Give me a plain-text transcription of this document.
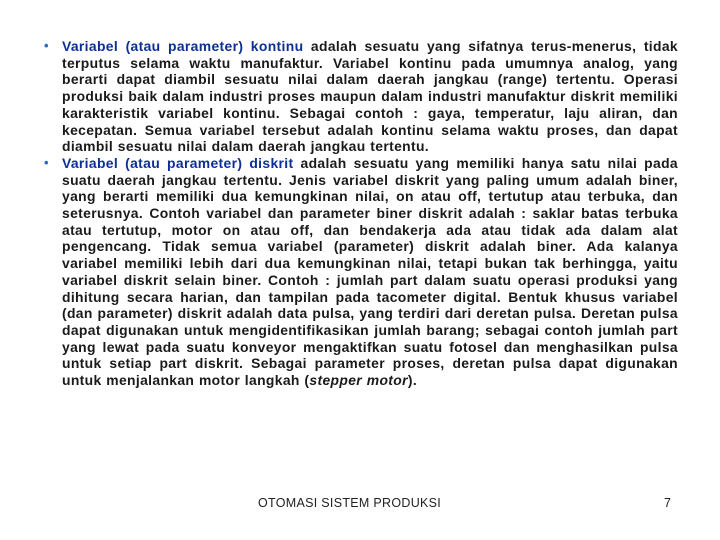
• Variabel (atau parameter) kontinu adalah sesuatu yang sifatnya terus-menerus, tidak terputus selama waktu manufaktur. Variabel kontinu pada umumnya analog, yang berarti dapat diambil sesuatu nilai dalam daerah jangkau (range) tertentu. Operasi produksi baik dalam industri proses maupun dalam industri manufaktur diskrit memiliki karakteristik variabel kontinu. Sebagai contoh : gaya, temperatur, laju aliran, dan kecepatan. Semua variabel tersebut adalah kontinu selama waktu proses, dan dapat diambil sesuatu nilai dalam daerah jangkau tertentu.

• Variabel (atau parameter) diskrit adalah sesuatu yang memiliki hanya satu nilai pada suatu daerah jangkau tertentu. Jenis variabel diskrit yang paling umum adalah biner, yang berarti memiliki dua kemungkinan nilai, on atau off, tertutup atau terbuka, dan seterusnya. Contoh variabel dan parameter biner diskrit adalah : saklar batas terbuka atau tertutup, motor on atau off, dan bendakerja ada atau tidak ada dalam alat pengencang. Tidak semua variabel (parameter) diskrit adalah biner. Ada kalanya variabel memiliki lebih dari dua kemungkinan nilai, tetapi bukan tak berhingga, yaitu variabel diskrit selain biner. Contoh : jumlah part dalam suatu operasi produksi yang dihitung secara harian, dan tampilan pada tacometer digital. Bentuk khusus variabel (dan parameter) diskrit adalah data pulsa, yang terdiri dari deretan pulsa. Deretan pulsa dapat digunakan untuk mengidentifikasikan jumlah barang; sebagai contoh jumlah part yang lewat pada suatu konveyor mengaktifkan suatu fotosel dan menghasilkan pulsa untuk setiap part diskrit. Sebagai parameter proses, deretan pulsa dapat digunakan untuk menjalankan motor langkah (stepper motor).

OTOMASI SISTEM PRODUKSI	7
